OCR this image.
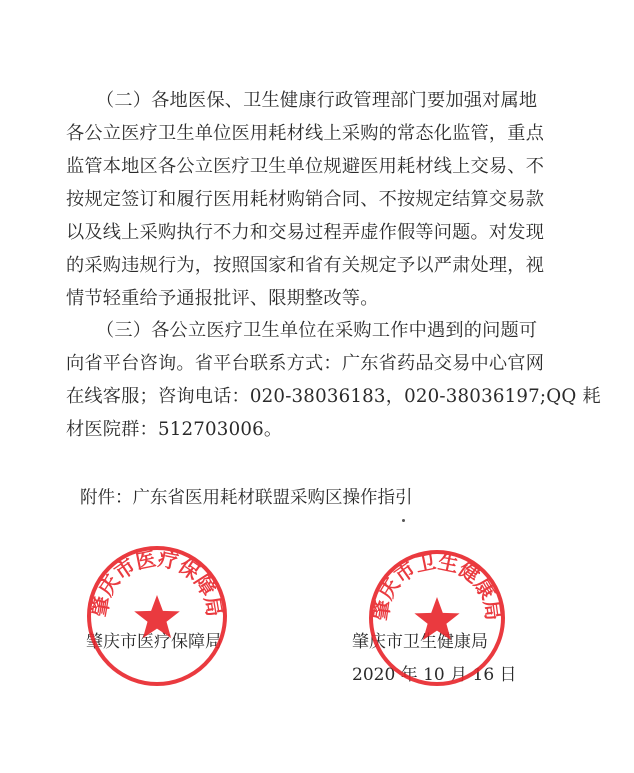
（二）各地医保、卫生健康行政管理部门要加强对属地
各公立医疗卫生单位医用耗材线上采购的常态化监管，重点
监管本地区各公立医疗卫生单位规避医用耗材线上交易、不
按规定签订和履行医用耗材购销合同、不按规定结算交易款
以及线上采购执行不力和交易过程弄虚作假等问题。对发现
的采购违规行为，按照国家和省有关规定予以严肃处理，视
情节轻重给予通报批评、限期整改等。
（三）各公立医疗卫生单位在采购工作中遇到的问题可
向省平台咨询。省平台联系方式：广东省药品交易中心官网
在线客服；咨询电话：020-38036183，020-38036197;QQ 耗
材医院群：512703006。
附件：广东省医用耗材联盟采购区操作指引
肇庆市医疗保障局	肇庆市卫生健康局
2020 年 10 月 16 日
肇庆市医疗保障局	肇庆市卫生健康局
